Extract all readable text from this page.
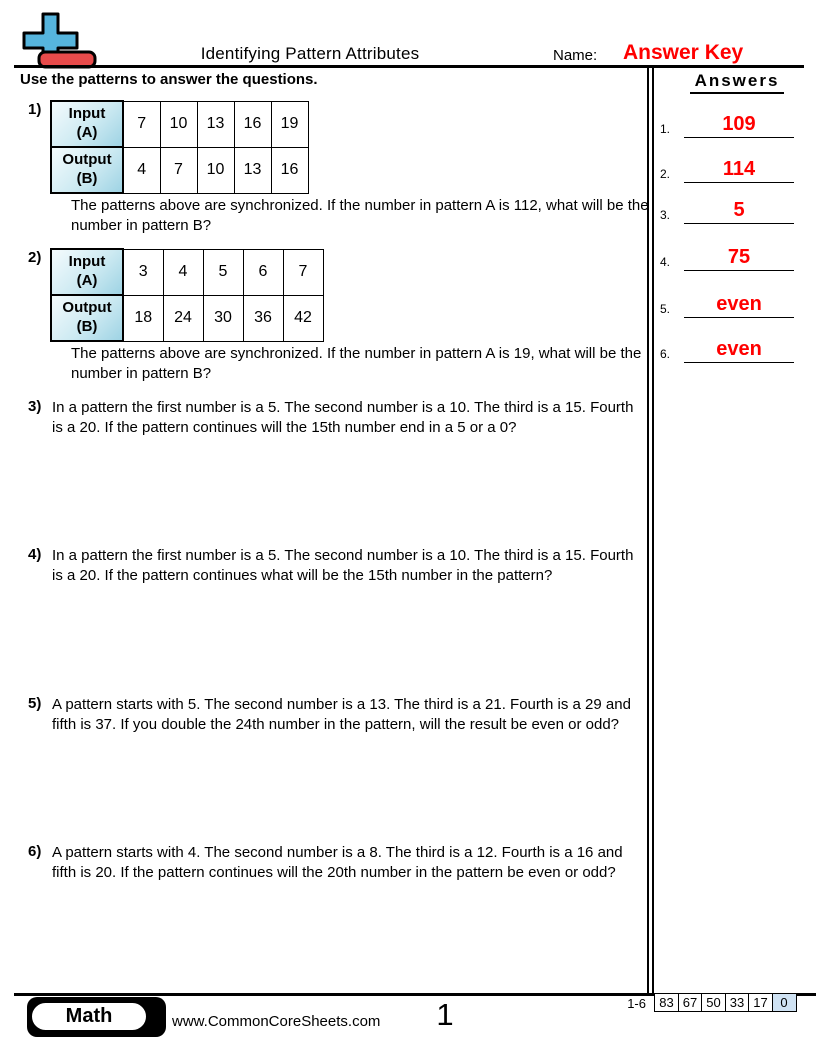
Identifying Pattern Attributes	Name: Answer Key
Use the patterns to answer the questions.
1) Input
(A)	7	10	13	16	19
Output
(B)	4	7	10	13	16
The patterns above are synchronized. If the number in pattern A is 112, what will be the number in pattern B?
2) Input
(A)	3	4	5	6	7
Output
(B)	18	24	30	36	42
The patterns above are synchronized. If the number in pattern A is 19, what will be the number in pattern B?
3) In a pattern the first number is a 5. The second number is a 10. The third is a 15. Fourth is a 20. If the pattern continues will the 15th number end in a 5 or a 0?
4) In a pattern the first number is a 5. The second number is a 10. The third is a 15. Fourth is a 20. If the pattern continues what will be the 15th number in the pattern?
5) A pattern starts with 5. The second number is a 13. The third is a 21. Fourth is a 29 and fifth is 37. If you double the 24th number in the pattern, will the result be even or odd?
6) A pattern starts with 4. The second number is a 8. The third is a 12. Fourth is a 16 and fifth is 20. If the pattern continues will the 20th number in the pattern be even or odd?
Answers
1.	109
2.	114
3.	5
4.	75
5.	even
6.	even
Math	www.CommonCoreSheets.com	1	1-6	83 67 50 33 17 0
